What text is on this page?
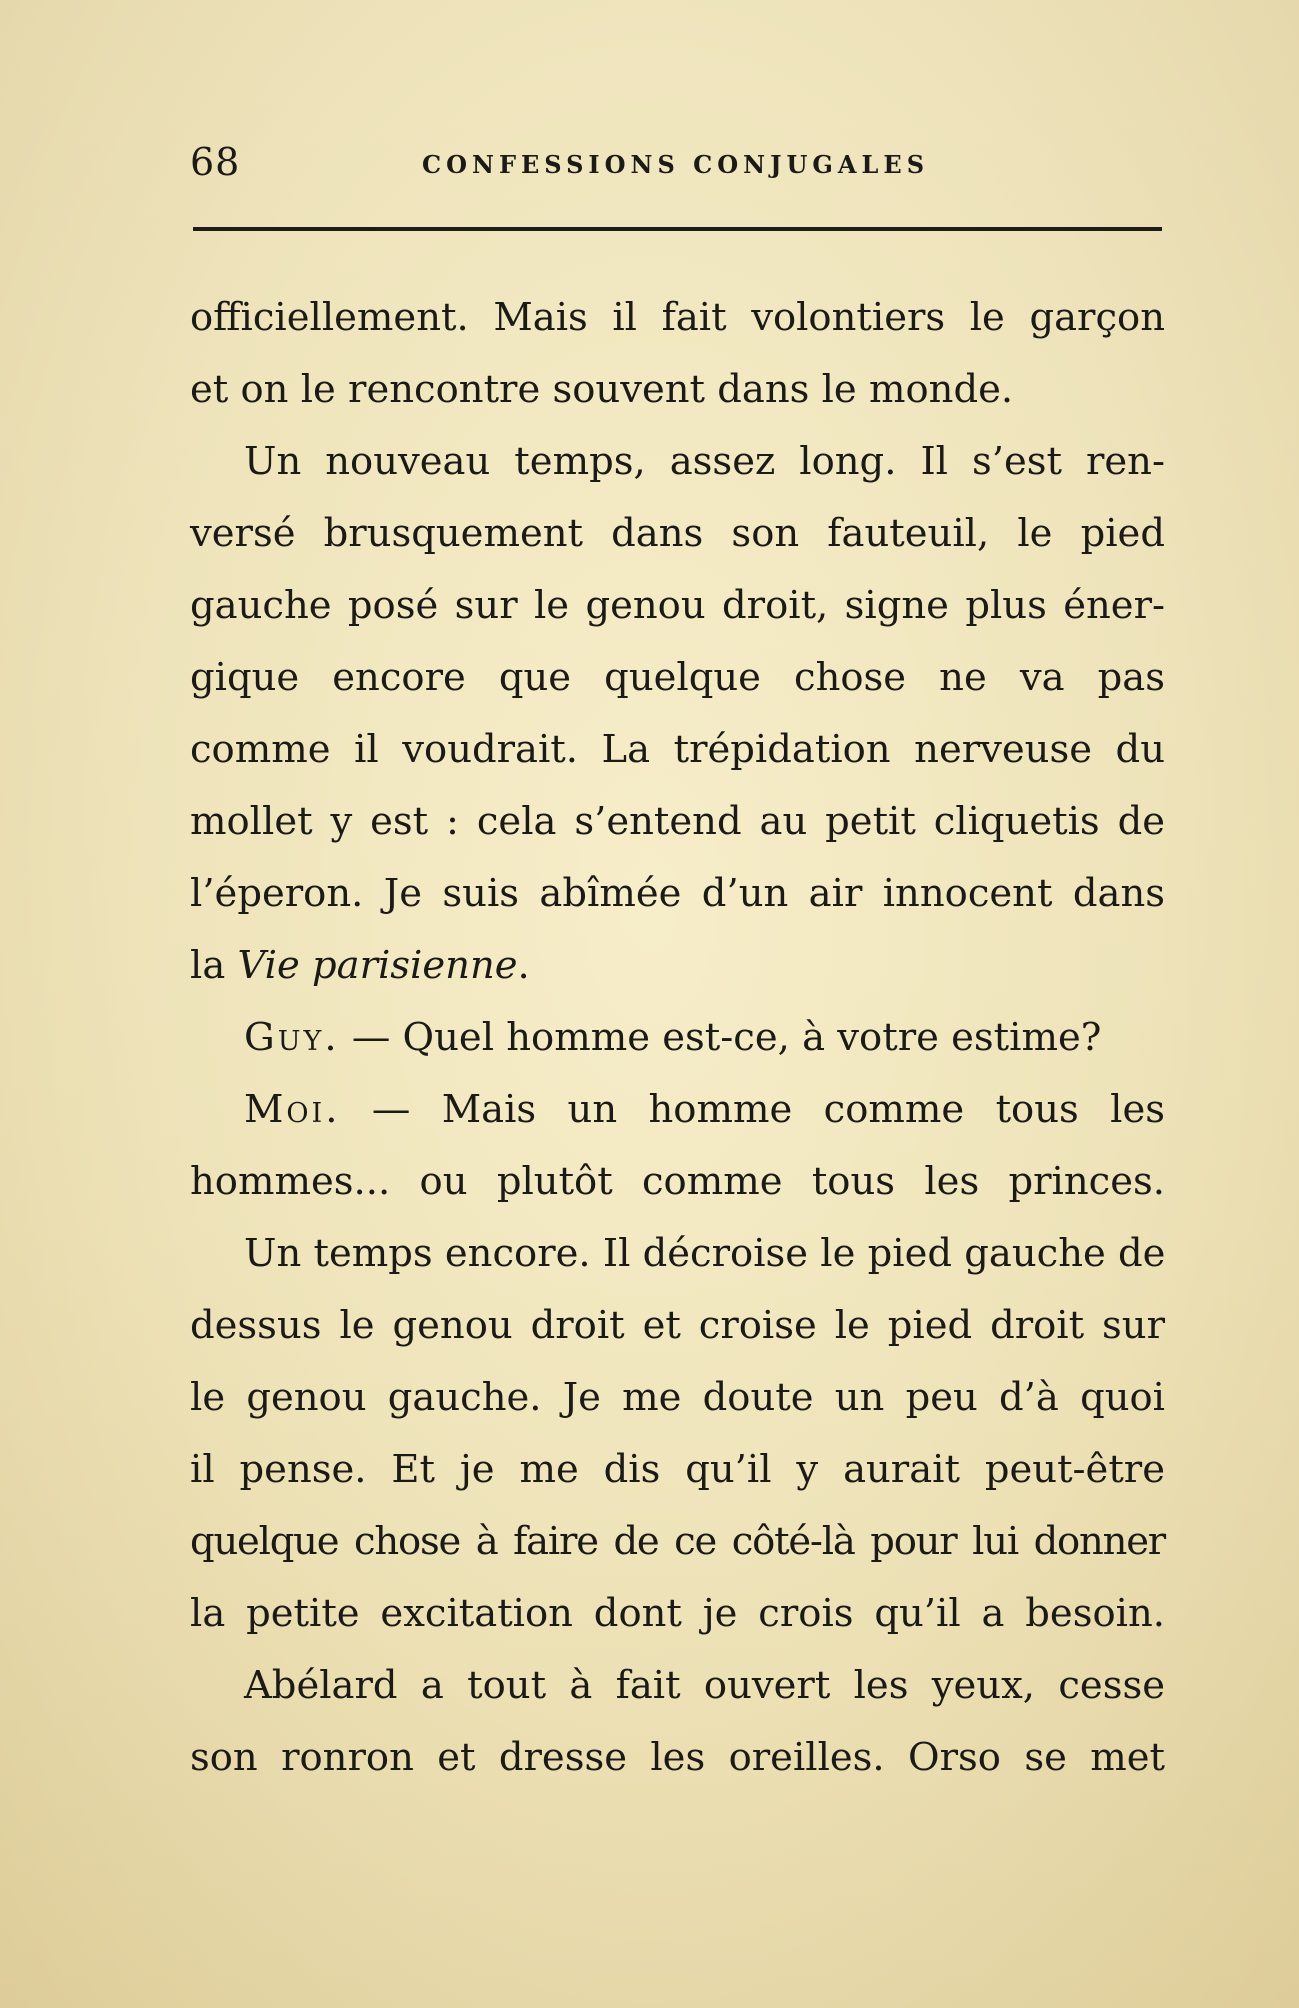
68	CONFESSIONS CONJUGALES
officiellement. Mais il fait volontiers le garçon
et on le rencontre souvent dans le monde.
Un nouveau temps, assez long. Il s’est ren-
versé brusquement dans son fauteuil, le pied
gauche posé sur le genou droit, signe plus éner-
gique encore que quelque chose ne va pas
comme il voudrait. La trépidation nerveuse du
mollet y est : cela s’entend au petit cliquetis de
l’éperon. Je suis abîmée d’un air innocent dans
la Vie parisienne.
Guy. — Quel homme est-ce, à votre estime?
Moi. — Mais un homme comme tous les
hommes... ou plutôt comme tous les princes.
Un temps encore. Il décroise le pied gauche de
dessus le genou droit et croise le pied droit sur
le genou gauche. Je me doute un peu d’à quoi
il pense. Et je me dis qu’il y aurait peut-être
quelque chose à faire de ce côté-là pour lui donner
la petite excitation dont je crois qu’il a besoin.
Abélard a tout à fait ouvert les yeux, cesse
son ronron et dresse les oreilles. Orso se met
